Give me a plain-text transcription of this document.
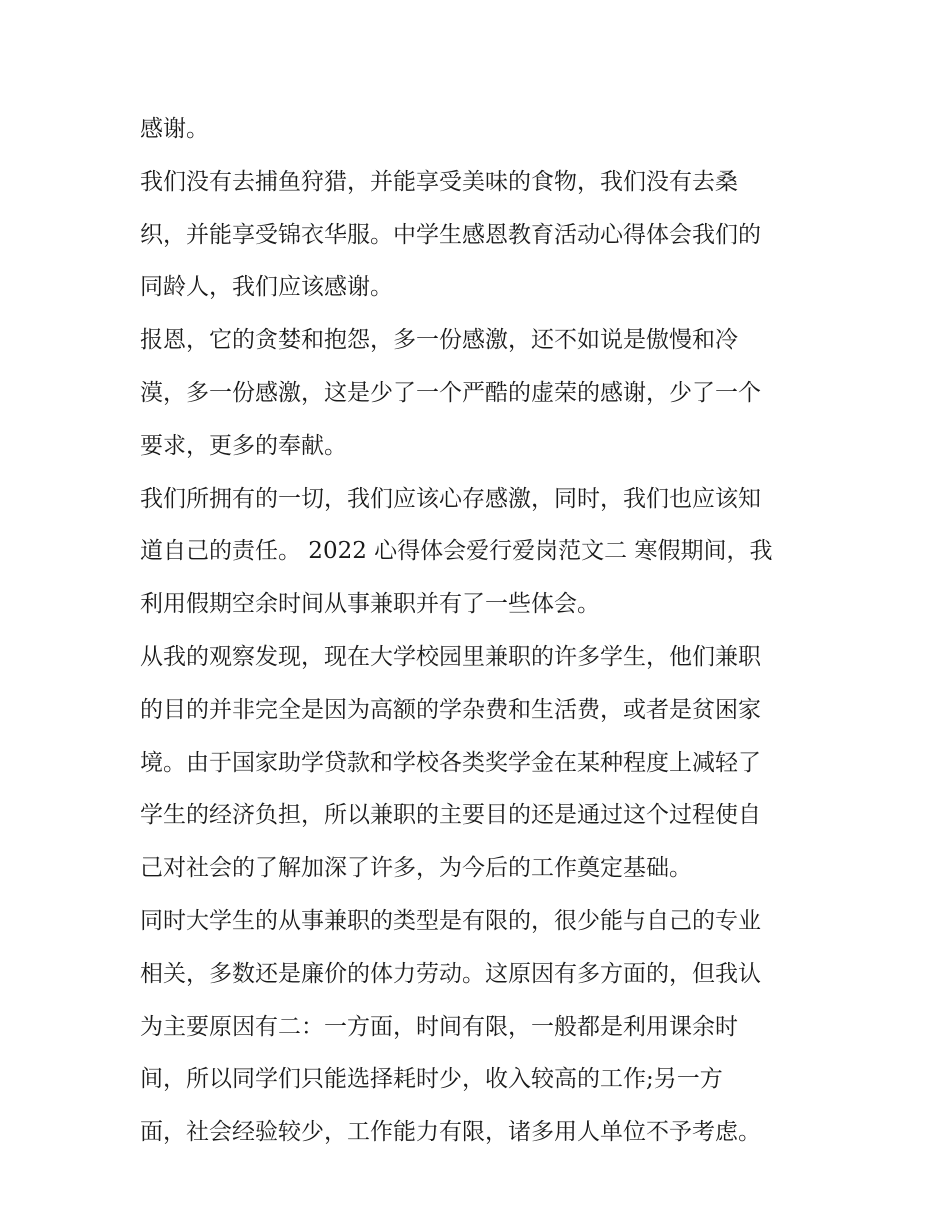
感谢。
我们没有去捕鱼狩猎，并能享受美味的食物，我们没有去桑
织，并能享受锦衣华服。中学生感恩教育活动心得体会我们的
同龄人，我们应该感谢。
报恩，它的贪婪和抱怨，多一份感激，还不如说是傲慢和冷
漠，多一份感激，这是少了一个严酷的虚荣的感谢，少了一个
要求，更多的奉献。
我们所拥有的一切，我们应该心存感激，同时，我们也应该知
道自己的责任。 2022 心得体会爱行爱岗范文二 寒假期间，我
利用假期空余时间从事兼职并有了一些体会。
从我的观察发现，现在大学校园里兼职的许多学生，他们兼职
的目的并非完全是因为高额的学杂费和生活费，或者是贫困家
境。由于国家助学贷款和学校各类奖学金在某种程度上减轻了
学生的经济负担，所以兼职的主要目的还是通过这个过程使自
己对社会的了解加深了许多，为今后的工作奠定基础。
同时大学生的从事兼职的类型是有限的，很少能与自己的专业
相关，多数还是廉价的体力劳动。这原因有多方面的，但我认
为主要原因有二：一方面，时间有限，一般都是利用课余时
间，所以同学们只能选择耗时少，收入较高的工作;另一方
面，社会经验较少，工作能力有限，诸多用人单位不予考虑。
